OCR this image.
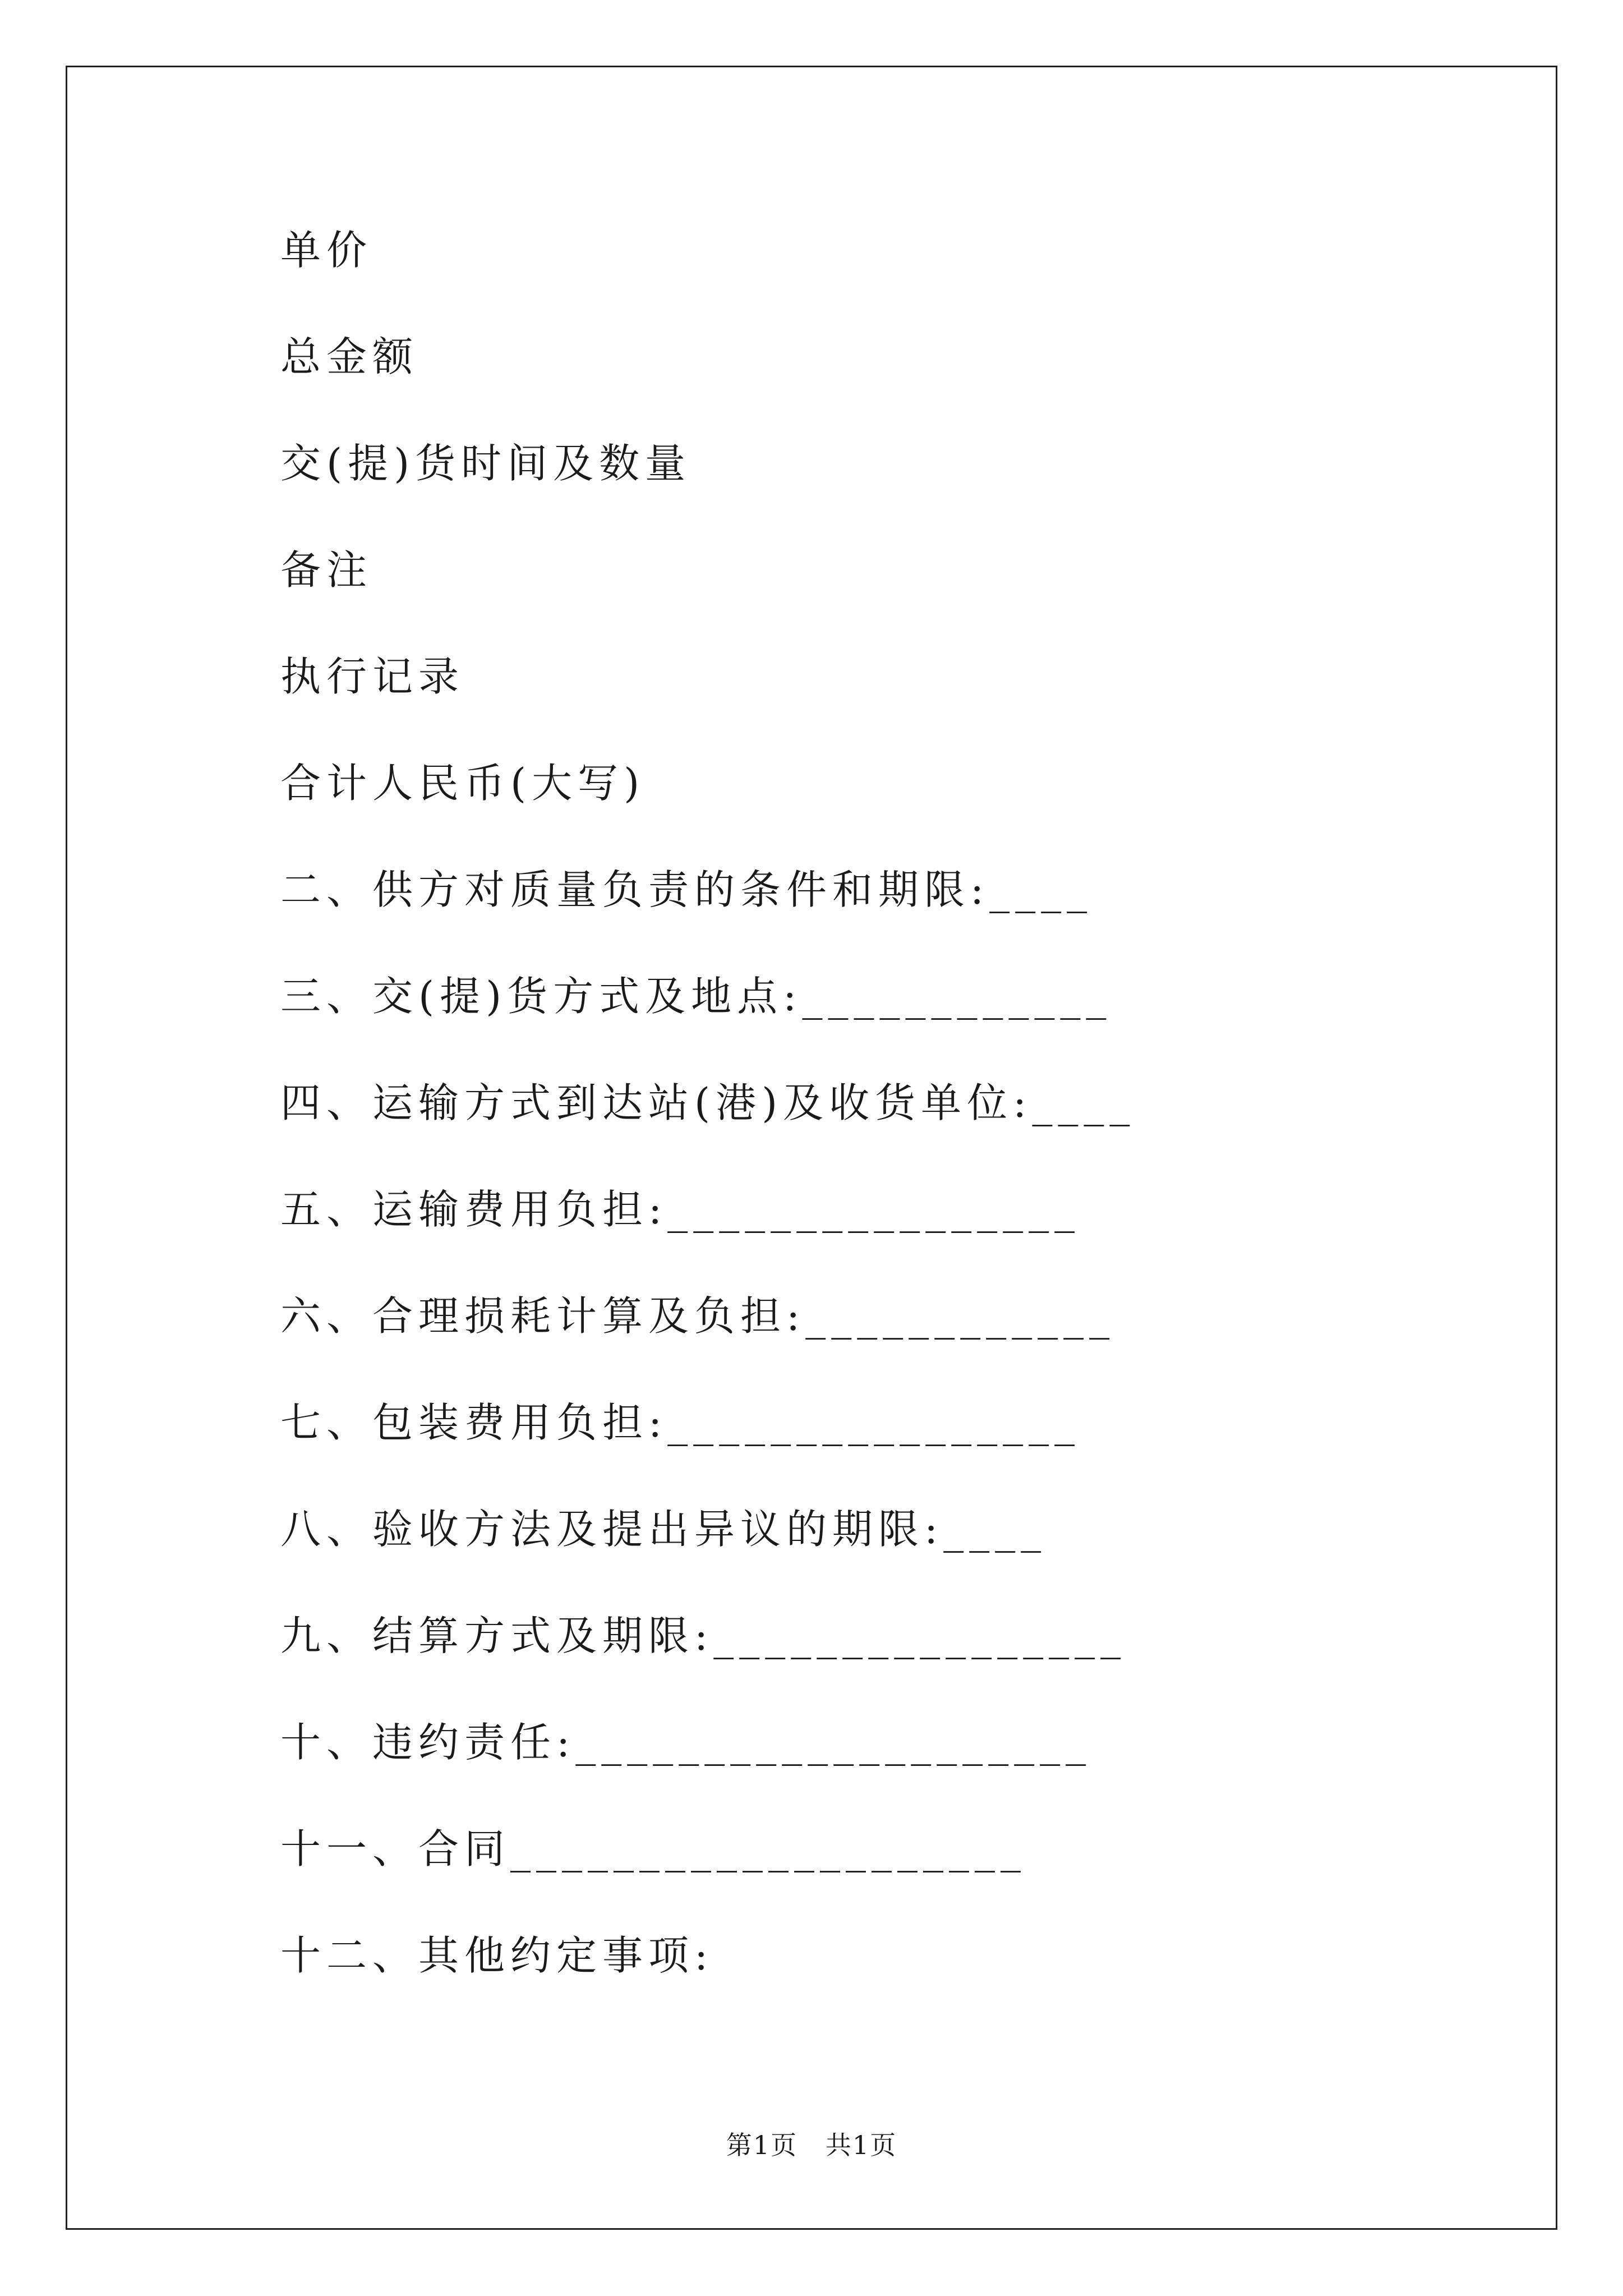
单价
总金额
交(提)货时间及数量
备注
执行记录
合计人民币(大写)
二、供方对质量负责的条件和期限:____
三、交(提)货方式及地点:____________
四、运输方式到达站(港)及收货单位:____
五、运输费用负担:________________
六、合理损耗计算及负担:____________
七、包装费用负担:________________
八、验收方法及提出异议的期限:____
九、结算方式及期限:________________
十、违约责任:____________________
十一、合同____________________
十二、其他约定事项:
第1页   共1页
